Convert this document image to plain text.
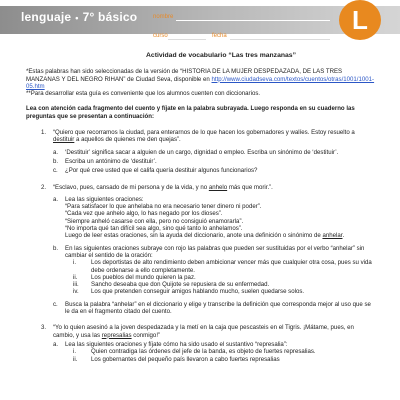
lenguaje • 7° básico	nombre
curso	fecha
L
Actividad de vocabulario “Las tres manzanas”
*Estas palabras han sido seleccionadas de la versión de “HISTORIA DE LA MUJER DESPEDAZADA, DE LAS TRES MANZANAS Y DEL NEGRO RIHAN” de Ciudad Seva, disponible en http://www.ciudadseva.com/textos/cuentos/otras/1001/1001-05.htm
**Para desarrollar esta guía es conveniente que los alumnos cuenten con diccionarios.
Lea con atención cada fragmento del cuento y fíjate en la palabra subrayada. Luego responda en su cuaderno las preguntas que se presentan a continuación:
1. “Quiero que recorramos la ciudad, para enterarnos de lo que hacen los gobernadores y walíes. Estoy resuelto a destituir a aquellos de quienes me den quejas”.
a. ‘Destituir’ significa sacar a alguien de un cargo, dignidad o empleo. Escriba un sinónimo de ‘destituir’.
b. Escriba un antónimo de ‘destituir’.
c. ¿Por qué cree usted que el califa quería destituir algunos funcionarios?
2. “Esclavo, pues, cansado de mi persona y de la vida, y no anhelo más que morir.”.
a. Lea las siguientes oraciones:
“Para satisfacer lo que anhelaba no era necesario tener dinero ni poder”.
“Cada vez que anhelo algo, lo has negado por los dioses”.
“Siempre anheló casarse con ella, pero no consiguió enamorarla”.
“No importa qué tan difícil sea algo, sino qué tanto lo anhelamos”.
Luego de leer estas oraciones, sin la ayuda del diccionario, anote una definición o sinónimo de anhelar.
b. En las siguientes oraciones subraye con rojo las palabras que pueden ser sustituidas por el verbo “anhelar” sin cambiar el sentido de la oración:
i. Los deportistas de alto rendimiento deben ambicionar vencer más que cualquier otra cosa, pues su vida debe ordenarse a ello completamente.
ii. Los pueblos del mundo quieren la paz.
iii. Sancho deseaba que don Quijote se repusiera de su enfermedad.
iv. Los que pretenden conseguir amigos hablando mucho, suelen quedarse solos.
c. Busca la palabra “anhelar” en el diccionario y elige y transcribe la definición que corresponda mejor al uso que se le da en el fragmento citado del cuento.
3. “Yo lo quien asesinó a la joven despedazada y la metí en la caja que pescasteis en el Tigris. ¡Mátame, pues, en cambio, y usa las represalias conmigo!”
a. Lea las siguientes oraciones y fíjate cómo ha sido usado el sustantivo “represalia”:
i. Quien contradiga las órdenes del jefe de la banda, es objeto de fuertes represalias.
ii. Los gobernantes del pequeño país llevaron a cabo fuertes represalias
